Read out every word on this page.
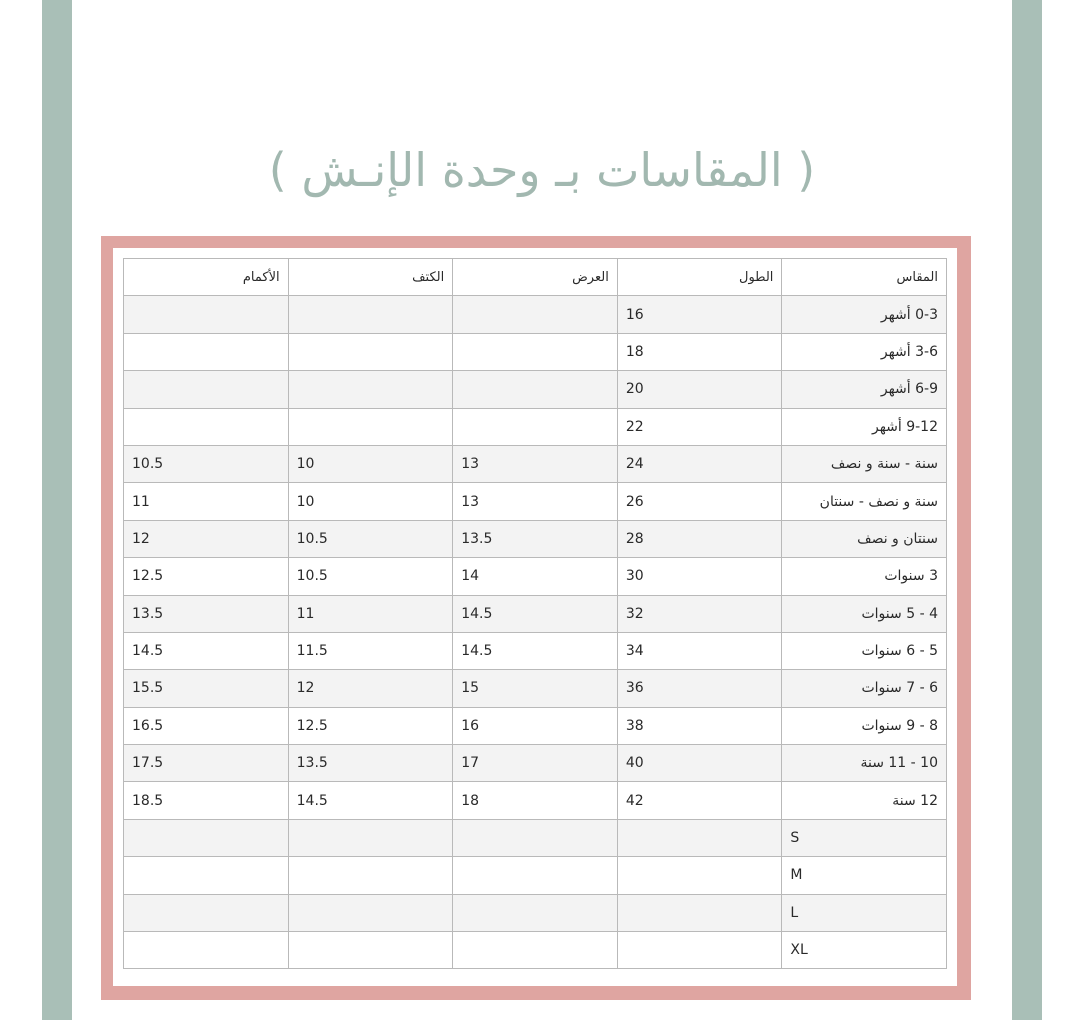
( المقاسات بـ وحدة الإنـش )
المقاس	الطول	العرض	الكتف	الأكمام
0-3 أشهر	16			
3-6 أشهر	18			
6-9 أشهر	20			
9-12 أشهر	22			
سنة - سنة و نصف	24	13	10	10.5
سنة و نصف - سنتان	26	13	10	11
سنتان و نصف	28	13.5	10.5	12
3 سنوات	30	14	10.5	12.5
4 - 5 سنوات	32	14.5	11	13.5
5 - 6 سنوات	34	14.5	11.5	14.5
6 - 7 سنوات	36	15	12	15.5
8 - 9 سنوات	38	16	12.5	16.5
10 - 11 سنة	40	17	13.5	17.5
12 سنة	42	18	14.5	18.5
S				
M				
L				
XL				
